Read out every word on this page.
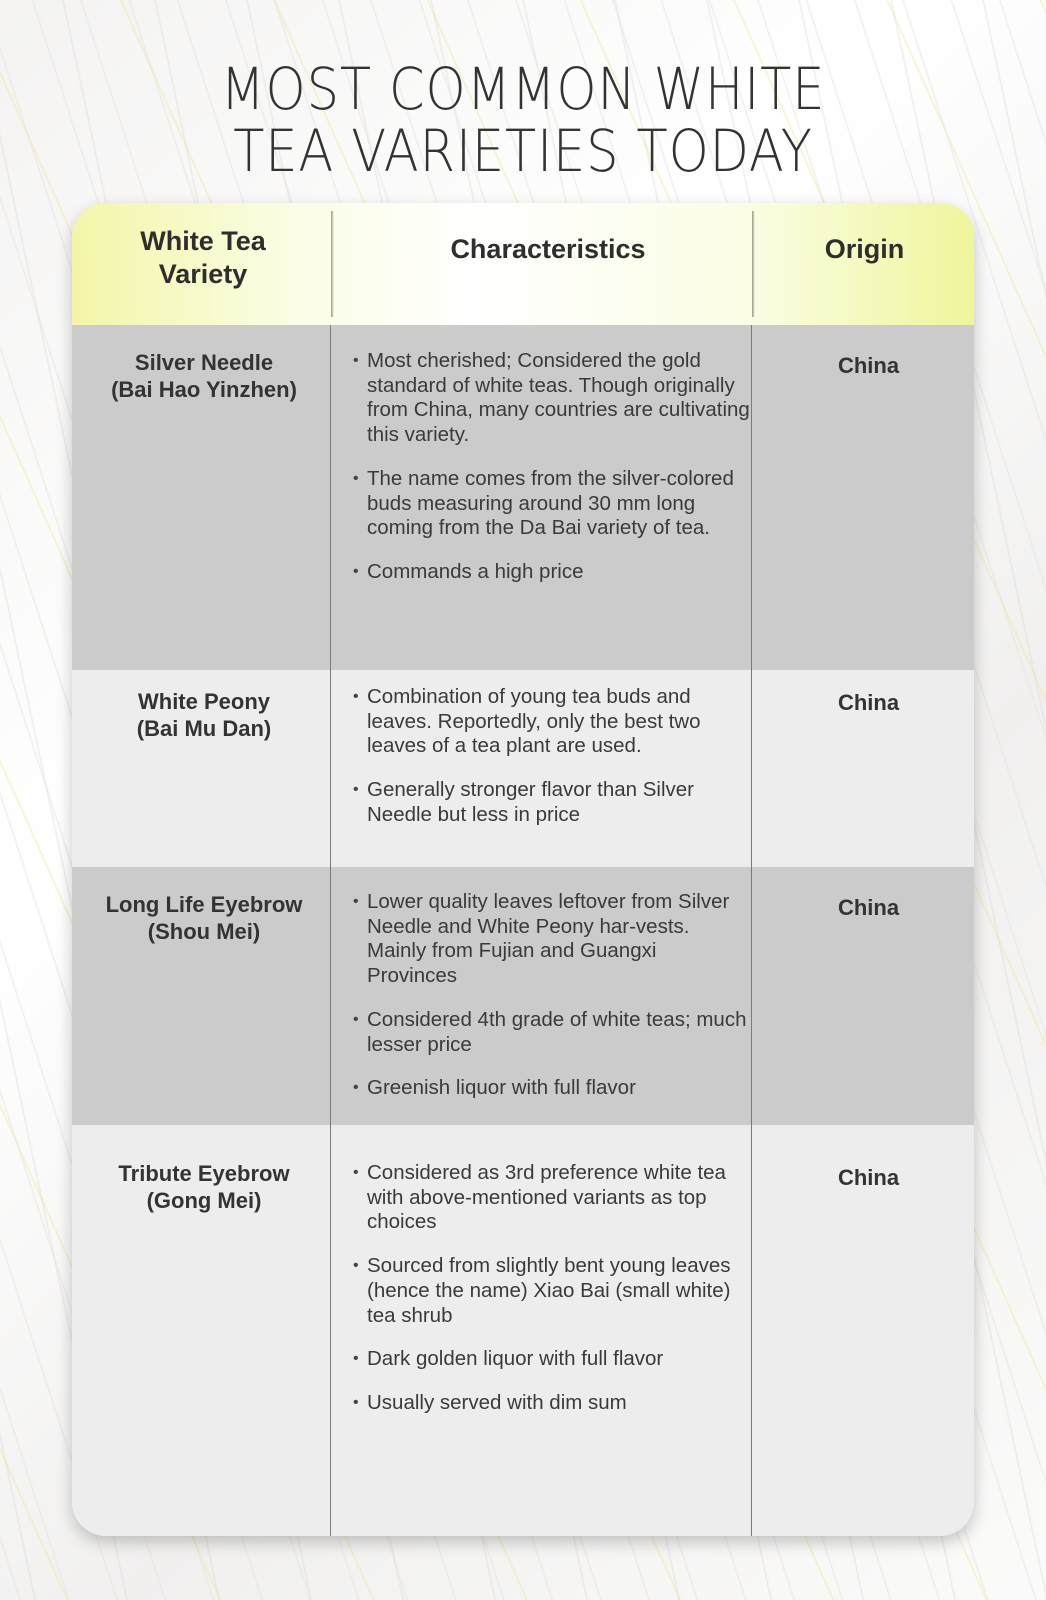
MOST COMMON WHITE
TEA VARIETIES TODAY
White Tea
Variety
Characteristics	Origin
Silver Needle
(Bai Hao Yinzhen)
• Most cherished; Considered the gold standard of white teas. Though originally from China, many countries are cultivating this variety.
• The name comes from the silver-colored buds measuring around 30 mm long coming from the Da Bai variety of tea.
• Commands a high price
China
White Peony
(Bai Mu Dan)
• Combination of young tea buds and leaves. Reportedly, only the best two leaves of a tea plant are used.
• Generally stronger flavor than Silver Needle but less in price
China
Long Life Eyebrow
(Shou Mei)
• Lower quality leaves leftover from Silver Needle and White Peony har-vests. Mainly from Fujian and Guangxi Provinces
• Considered 4th grade of white teas; much lesser price
• Greenish liquor with full flavor
China
Tribute Eyebrow
(Gong Mei)
• Considered as 3rd preference white tea with above-mentioned variants as top choices
• Sourced from slightly bent young leaves (hence the name) Xiao Bai (small white) tea shrub
• Dark golden liquor with full flavor
• Usually served with dim sum
China
